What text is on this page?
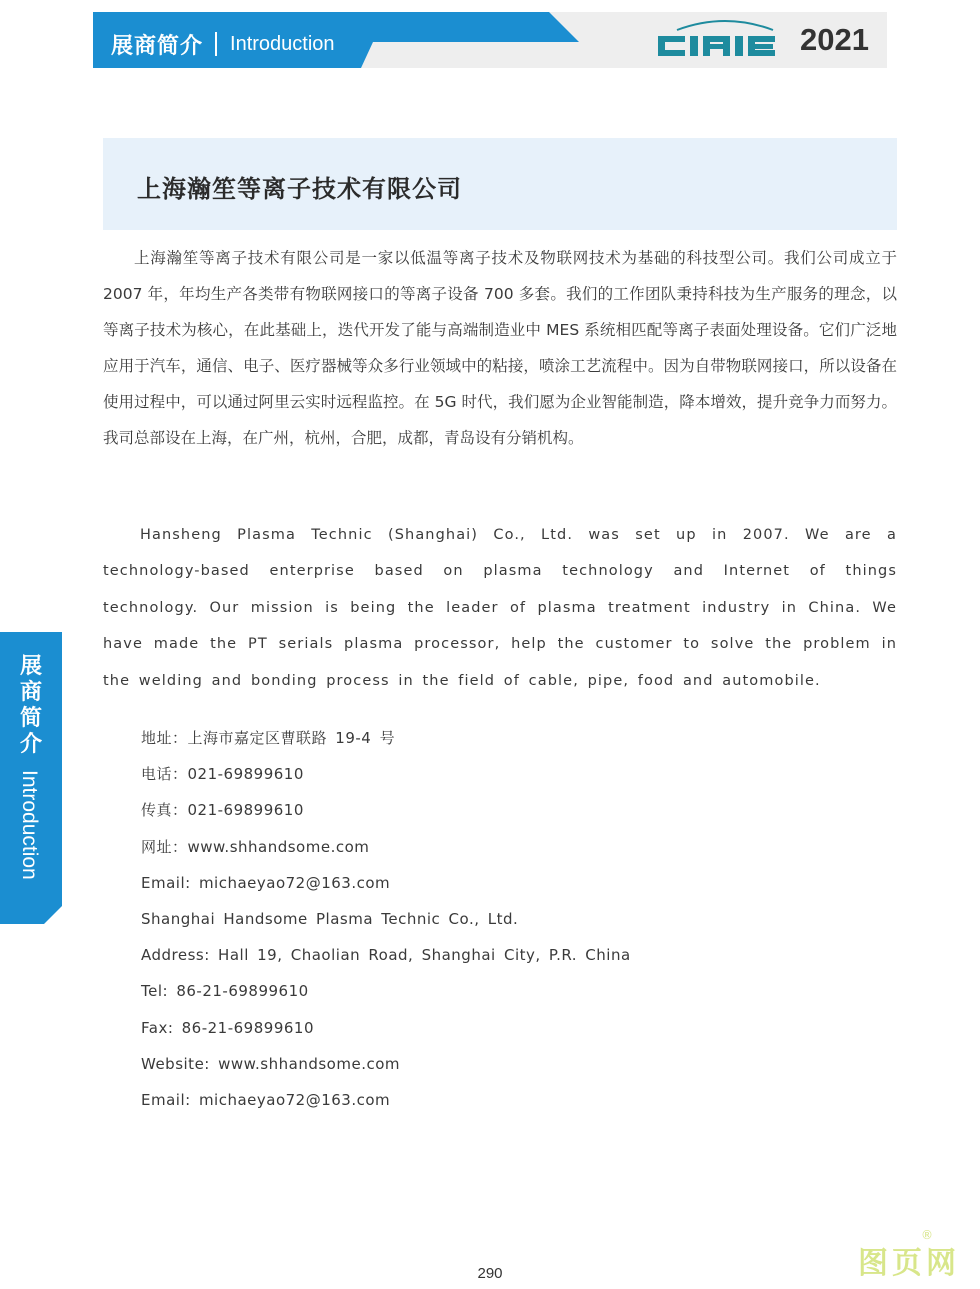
展商简介 Introduction	2021
上海瀚笙等离子技术有限公司
上海瀚笙等离子技术有限公司是一家以低温等离子技术及物联网技术为基础的科技型公司。我们公司成立于 2007 年，年均生产各类带有物联网接口的等离子设备 700 多套。我们的工作团队秉持科技为生产服务的理念，以等离子技术为核心，在此基础上，迭代开发了能与高端制造业中 MES 系统相匹配等离子表面处理设备。它们广泛地应用于汽车，通信、电子、医疗器械等众多行业领域中的粘接，喷涂工艺流程中。因为自带物联网接口，所以设备在使用过程中，可以通过阿里云实时远程监控。在 5G 时代，我们愿为企业智能制造，降本增效，提升竞争力而努力。我司总部设在上海，在广州，杭州，合肥，成都，青岛设有分销机构。
Hansheng Plasma Technic (Shanghai) Co., Ltd. was set up in 2007. We are a technology-based enterprise based on plasma technology and Internet of things technology. Our mission is being the leader of plasma treatment industry in China. We have made the PT serials plasma processor, help the customer to solve the problem in the welding and bonding process in the field of cable, pipe, food and automobile.
地址：上海市嘉定区曹联路 19-4 号
电话：021-69899610
传真：021-69899610
网址：www.shhandsome.com
Email: michaeyao72@163.com
Shanghai Handsome Plasma Technic Co., Ltd.
Address: Hall 19, Chaolian Road, Shanghai City, P.R. China
Tel: 86-21-69899610
Fax: 86-21-69899610
Website: www.shhandsome.com
Email: michaeyao72@163.com
展商简介
Introduction
290	图页网
®
